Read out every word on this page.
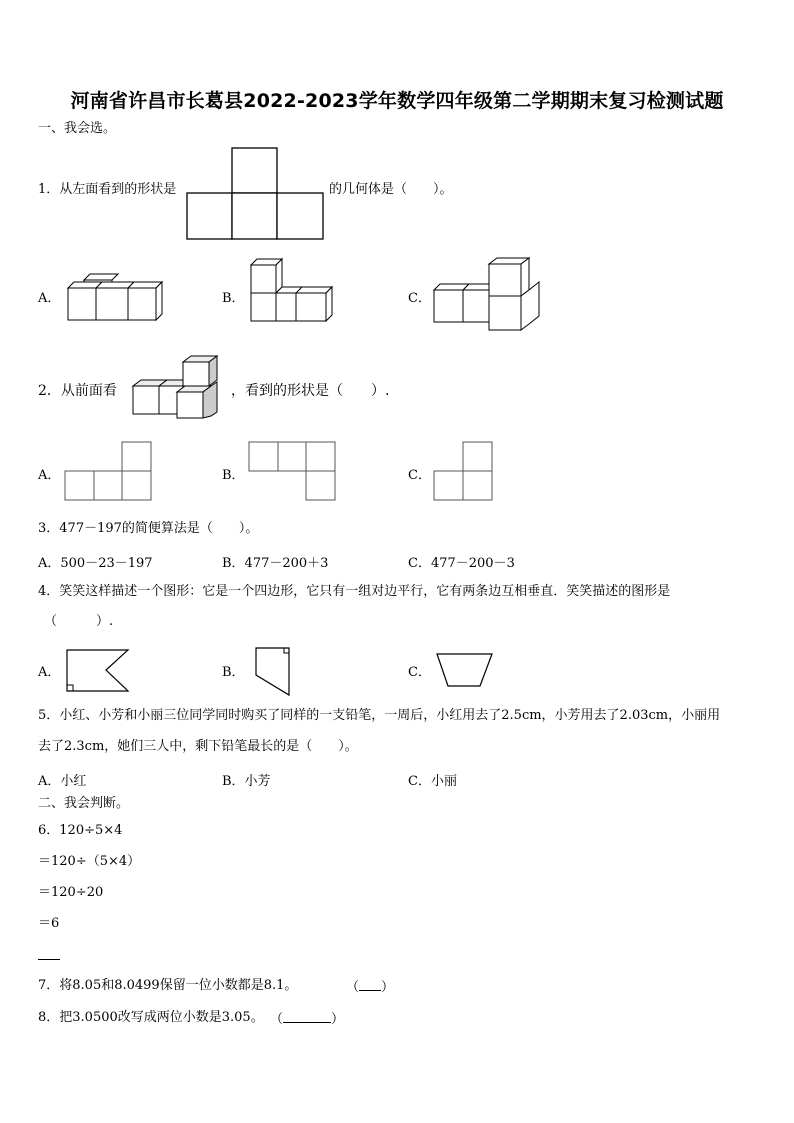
河南省许昌市长葛县2022-2023学年数学四年级第二学期期末复习检测试题
一、我会选。
1．从左面看到的形状是	的几何体是（　　）。
A．	B．	C．
2．从前面看	，看到的形状是（　　）.
A．	B．	C．
3．477－197的简便算法是（　　）。
A．500－23－197	B．477－200＋3	C．477－200－3
4．笑笑这样描述一个图形：它是一个四边形，它只有一组对边平行，它有两条边互相垂直．笑笑描述的图形是
（　　　）.
A．	B．	C．
5．小红、小芳和小丽三位同学同时购买了同样的一支铅笔，一周后，小红用去了2.5cm，小芳用去了2.03cm，小丽用
去了2.3cm，她们三人中，剩下铅笔最长的是（　　）。
A．小红	B．小芳	C．小丽
二、我会判断。
6．120÷5×4
＝120÷（5×4）
＝120÷20
＝6
7．将8.05和8.0499保留一位小数都是8.1。	（ ）
8．把3.0500改写成两位小数是3.05。 （	）
